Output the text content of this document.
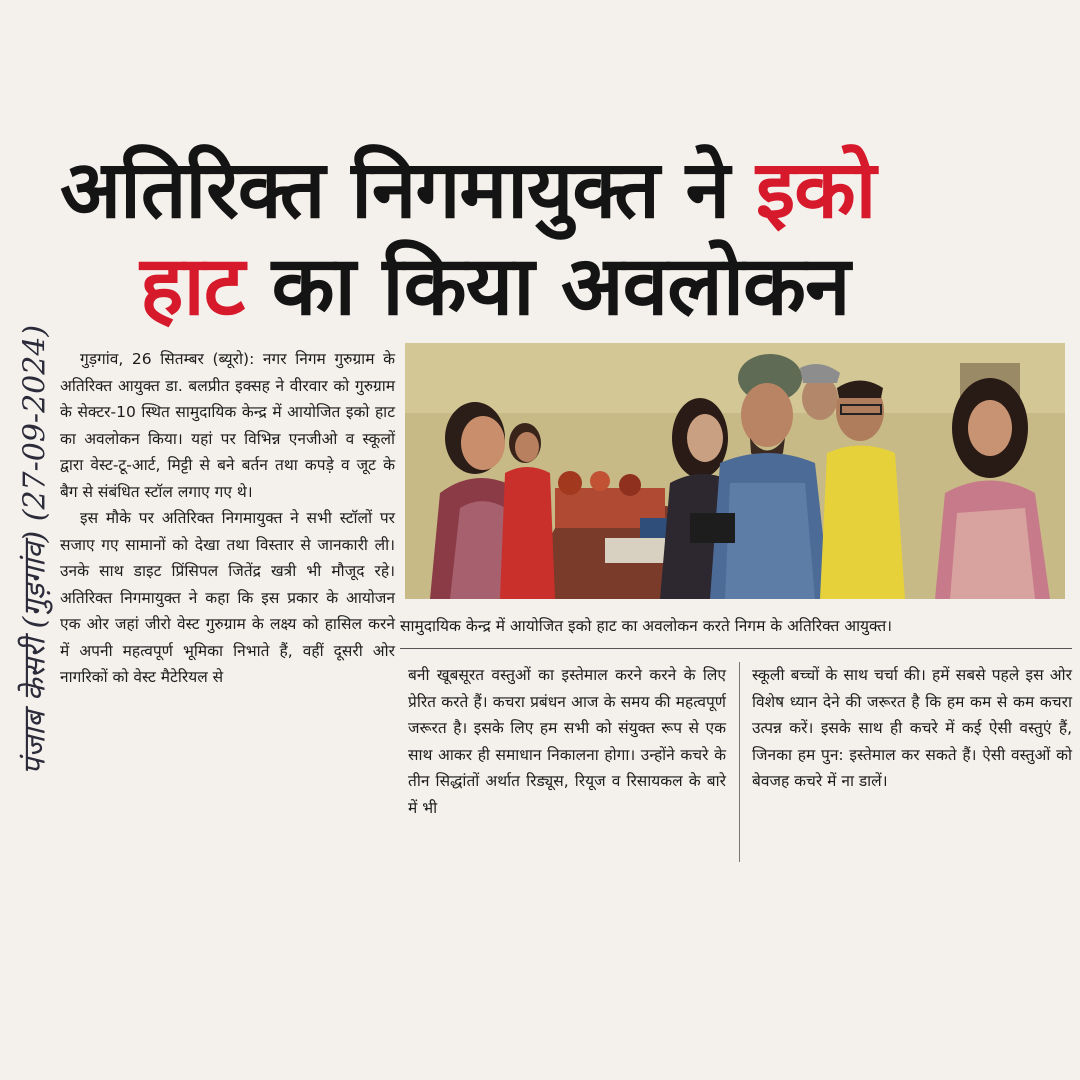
पंजाब केसरी (गुड़गांव) (27-09-2024)
अतिरिक्त निगमायुक्त ने इको
हाट का किया अवलोकन

गुड़गांव, 26 सितम्बर (ब्यूरो): नगर निगम गुरुग्राम के अतिरिक्त आयुक्त डा. बलप्रीत इक्सह ने वीरवार को गुरुग्राम के सेक्टर-10 स्थित सामुदायिक केन्द्र में आयोजित इको हाट का अवलोकन किया। यहां पर विभिन्न एनजीओ व स्कूलों द्वारा वेस्ट-टू-आर्ट, मिट्टी से बने बर्तन तथा कपड़े व जूट के बैग से संबंधित स्टॉल लगाए गए थे।

इस मौके पर अतिरिक्त निगमायुक्त ने सभी स्टॉलों पर सजाए गए सामानों को देखा तथा विस्तार से जानकारी ली। उनके साथ डाइट प्रिंसिपल जितेंद्र खत्री भी मौजूद रहे। अतिरिक्त निगमायुक्त ने कहा कि इस प्रकार के आयोजन एक ओर जहां जीरो वेस्ट गुरुग्राम के लक्ष्य को हासिल करने में अपनी महत्वपूर्ण भूमिका निभाते हैं, वहीं दूसरी ओर नागरिकों को वेस्ट मैटेरियल से

सामुदायिक केन्द्र में आयोजित इको हाट का अवलोकन करते निगम के अतिरिक्त आयुक्त।
बनी खूबसूरत वस्तुओं का इस्तेमाल करने करने के लिए प्रेरित करते हैं। कचरा प्रबंधन आज के समय की महत्वपूर्ण जरूरत है। इसके लिए हम सभी को संयुक्त रूप से एक साथ आकर ही समाधान निकालना होगा। उन्होंने कचरे के तीन सिद्धांतों अर्थात रिड्यूस, रियूज व रिसायकल के बारे में भी
स्कूली बच्चों के साथ चर्चा की। हमें सबसे पहले इस ओर विशेष ध्यान देने की जरूरत है कि हम कम से कम कचरा उत्पन्न करें। इसके साथ ही कचरे में कई ऐसी वस्तुएं हैं, जिनका हम पुन: इस्तेमाल कर सकते हैं। ऐसी वस्तुओं को बेवजह कचरे में ना डालें।
